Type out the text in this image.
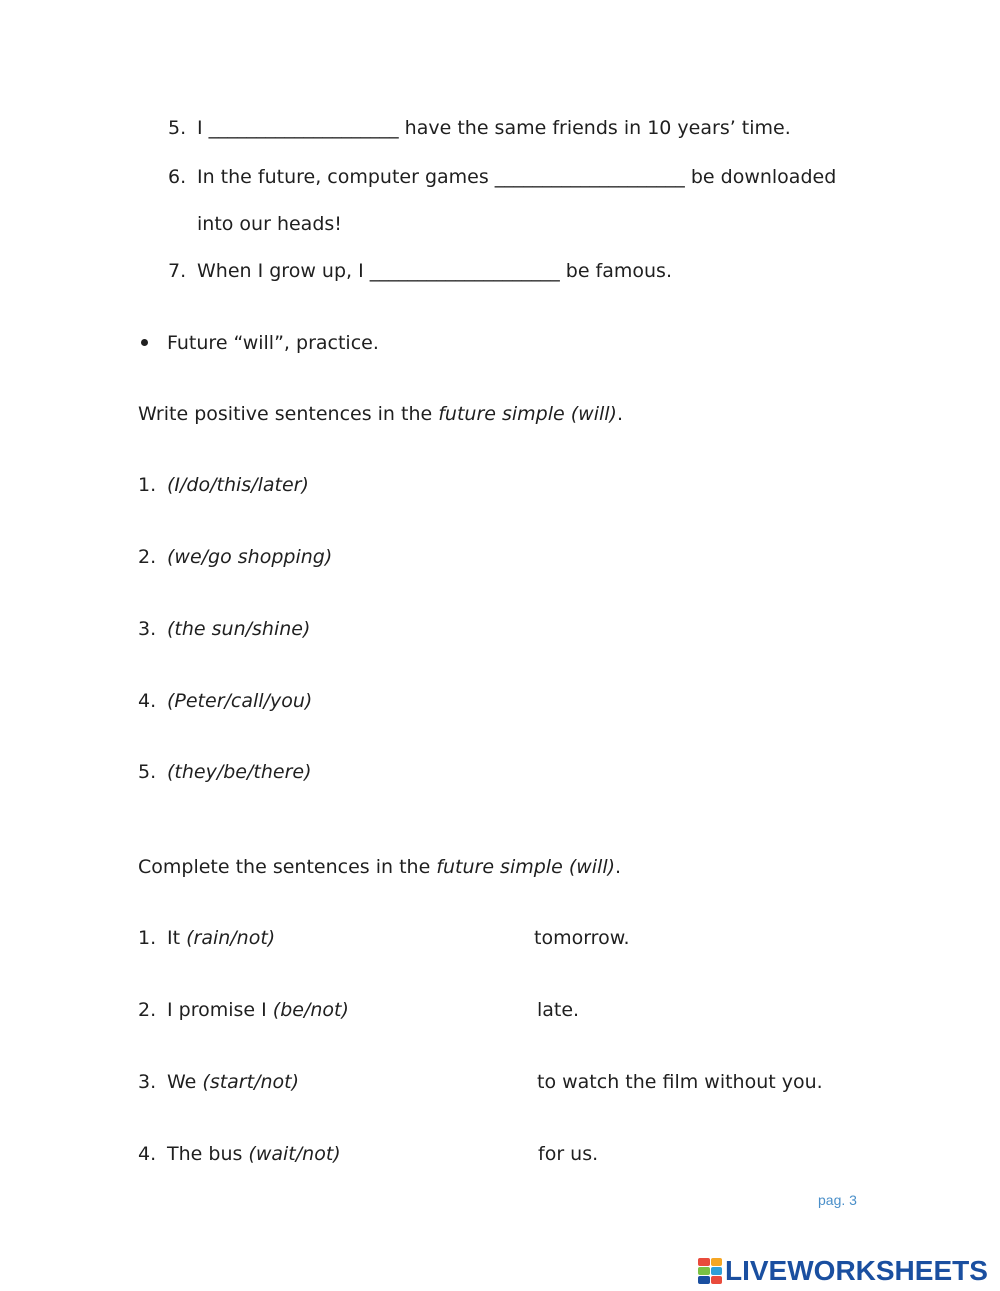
5. I ____________________ have the same friends in 10 years’ time.
6. In the future, computer games ____________________ be downloaded
into our heads!
7. When I grow up, I ____________________ be famous.
Future “will”, practice.
Write positive sentences in the future simple (will).
1. (I/do/this/later)
2. (we/go shopping)
3. (the sun/shine)
4. (Peter/call/you)
5. (they/be/there)
Complete the sentences in the future simple (will).
1. It (rain/not)	tomorrow.
2. I promise I (be/not)	late.
3. We (start/not)	to watch the film without you.
4. The bus (wait/not)	for us.
pag. 3
LIVEWORKSHEETS
